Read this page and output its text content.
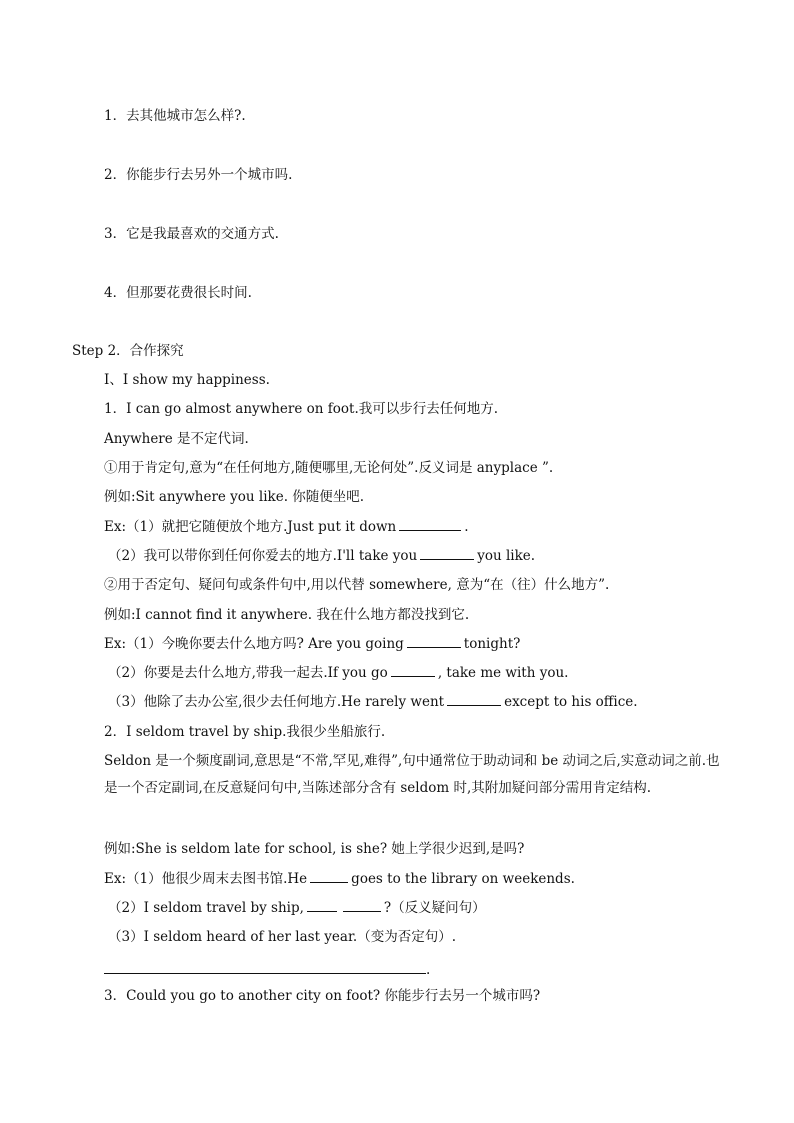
1．去其他城市怎么样?.
2．你能步行去另外一个城市吗.
3．它是我最喜欢的交通方式.
4．但那要花费很长时间.
Step 2．合作探究
Ⅰ、I show my happiness.
1．I can go almost anywhere on foot.我可以步行去任何地方.
Anywhere 是不定代词.
①用于肯定句,意为“在任何地方,随便哪里,无论何处”.反义词是 anyplace ”.
例如:Sit anywhere you like. 你随便坐吧.
Ex:（1）就把它随便放个地方.Just put it down	.
（2）我可以带你到任何你爱去的地方.I'll take you	you like.
②用于否定句、疑问句或条件句中,用以代替 somewhere, 意为“在（往）什么地方”.
例如:I cannot find it anywhere. 我在什么地方都没找到它.
Ex:（1）今晚你要去什么地方吗? Are you going	tonight?
（2）你要是去什么地方,带我一起去.If you go	, take me with you.
（3）他除了去办公室,很少去任何地方.He rarely went	except to his office.
2．I seldom travel by ship.我很少坐船旅行.
Seldon 是一个频度副词,意思是“不常,罕见,难得”,句中通常位于助动词和 be 动词之后,实意动词之前.也是一个否定副词,在反意疑问句中,当陈述部分含有 seldom 时,其附加疑问部分需用肯定结构.
例如:She is seldom late for school, is she? 她上学很少迟到,是吗?
Ex:（1）他很少周末去图书馆.He	goes to the library on weekends.
（2）I seldom travel by ship,	?（反义疑问句）
（3）I seldom heard of her last year.（变为否定句）.
.
3．Could you go to another city on foot? 你能步行去另一个城市吗?
